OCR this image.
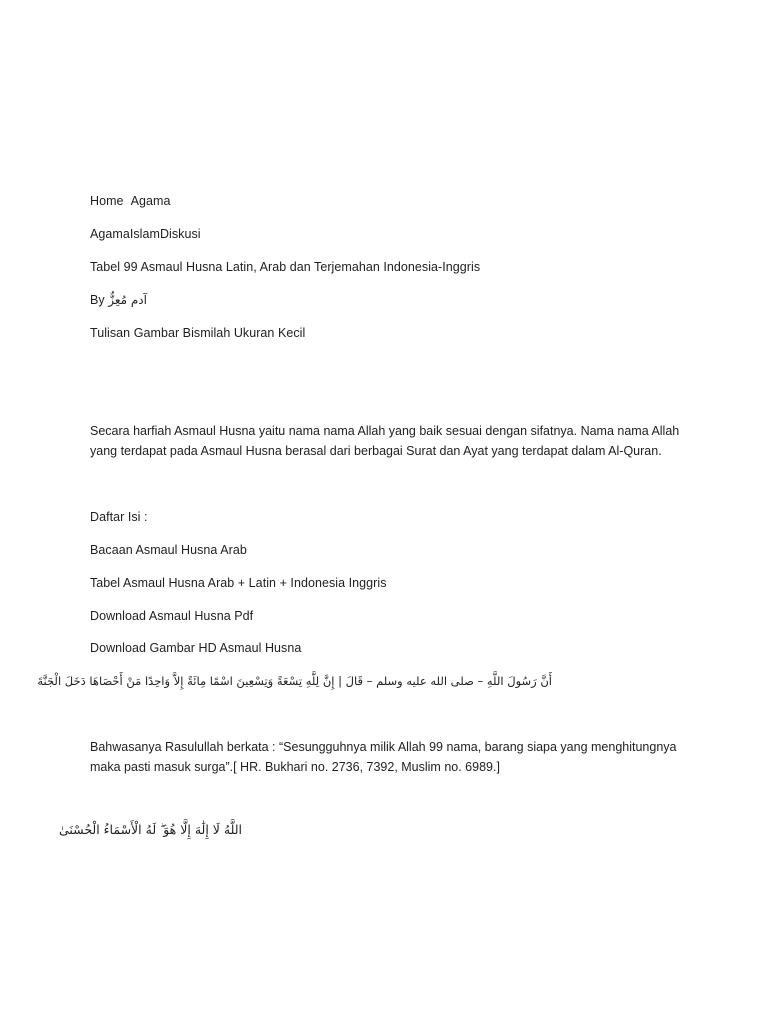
Home Agama
AgamaIslamDiskusi
Tabel 99 Asmaul Husna Latin, Arab dan Terjemahan Indonesia-Inggris
By آدم مُعِزٌّ
Tulisan Gambar Bismilah Ukuran Kecil
Secara harfiah Asmaul Husna yaitu nama nama Allah yang baik sesuai dengan sifatnya. Nama nama Allah yang terdapat pada Asmaul Husna berasal dari berbagai Surat dan Ayat yang terdapat dalam Al-Quran.
Daftar Isi :
Bacaan Asmaul Husna Arab
Tabel Asmaul Husna Arab + Latin + Indonesia Inggris
Download Asmaul Husna Pdf
Download Gambar HD Asmaul Husna
أَنَّ رَسُولَ اللَّهِ – صلى الله عليه وسلم – قَالَ | إِنَّ لِلَّهِ تِسْعَةً وَتِسْعِينَ اسْمًا مِائَةً إِلاَّ وَاحِدًا مَنْ أَحْصَاهَا دَخَلَ الْجَنَّةَ
Bahwasanya Rasulullah berkata : “Sesungguhnya milik Allah 99 nama, barang siapa yang menghitungnya maka pasti masuk surga”.[ HR. Bukhari no. 2736, 7392, Muslim no. 6989.]
اللَّهُ لَا إِلَٰهَ إِلَّا هُوَ ۖ لَهُ الْأَسْمَاءُ الْحُسْنَىٰ
